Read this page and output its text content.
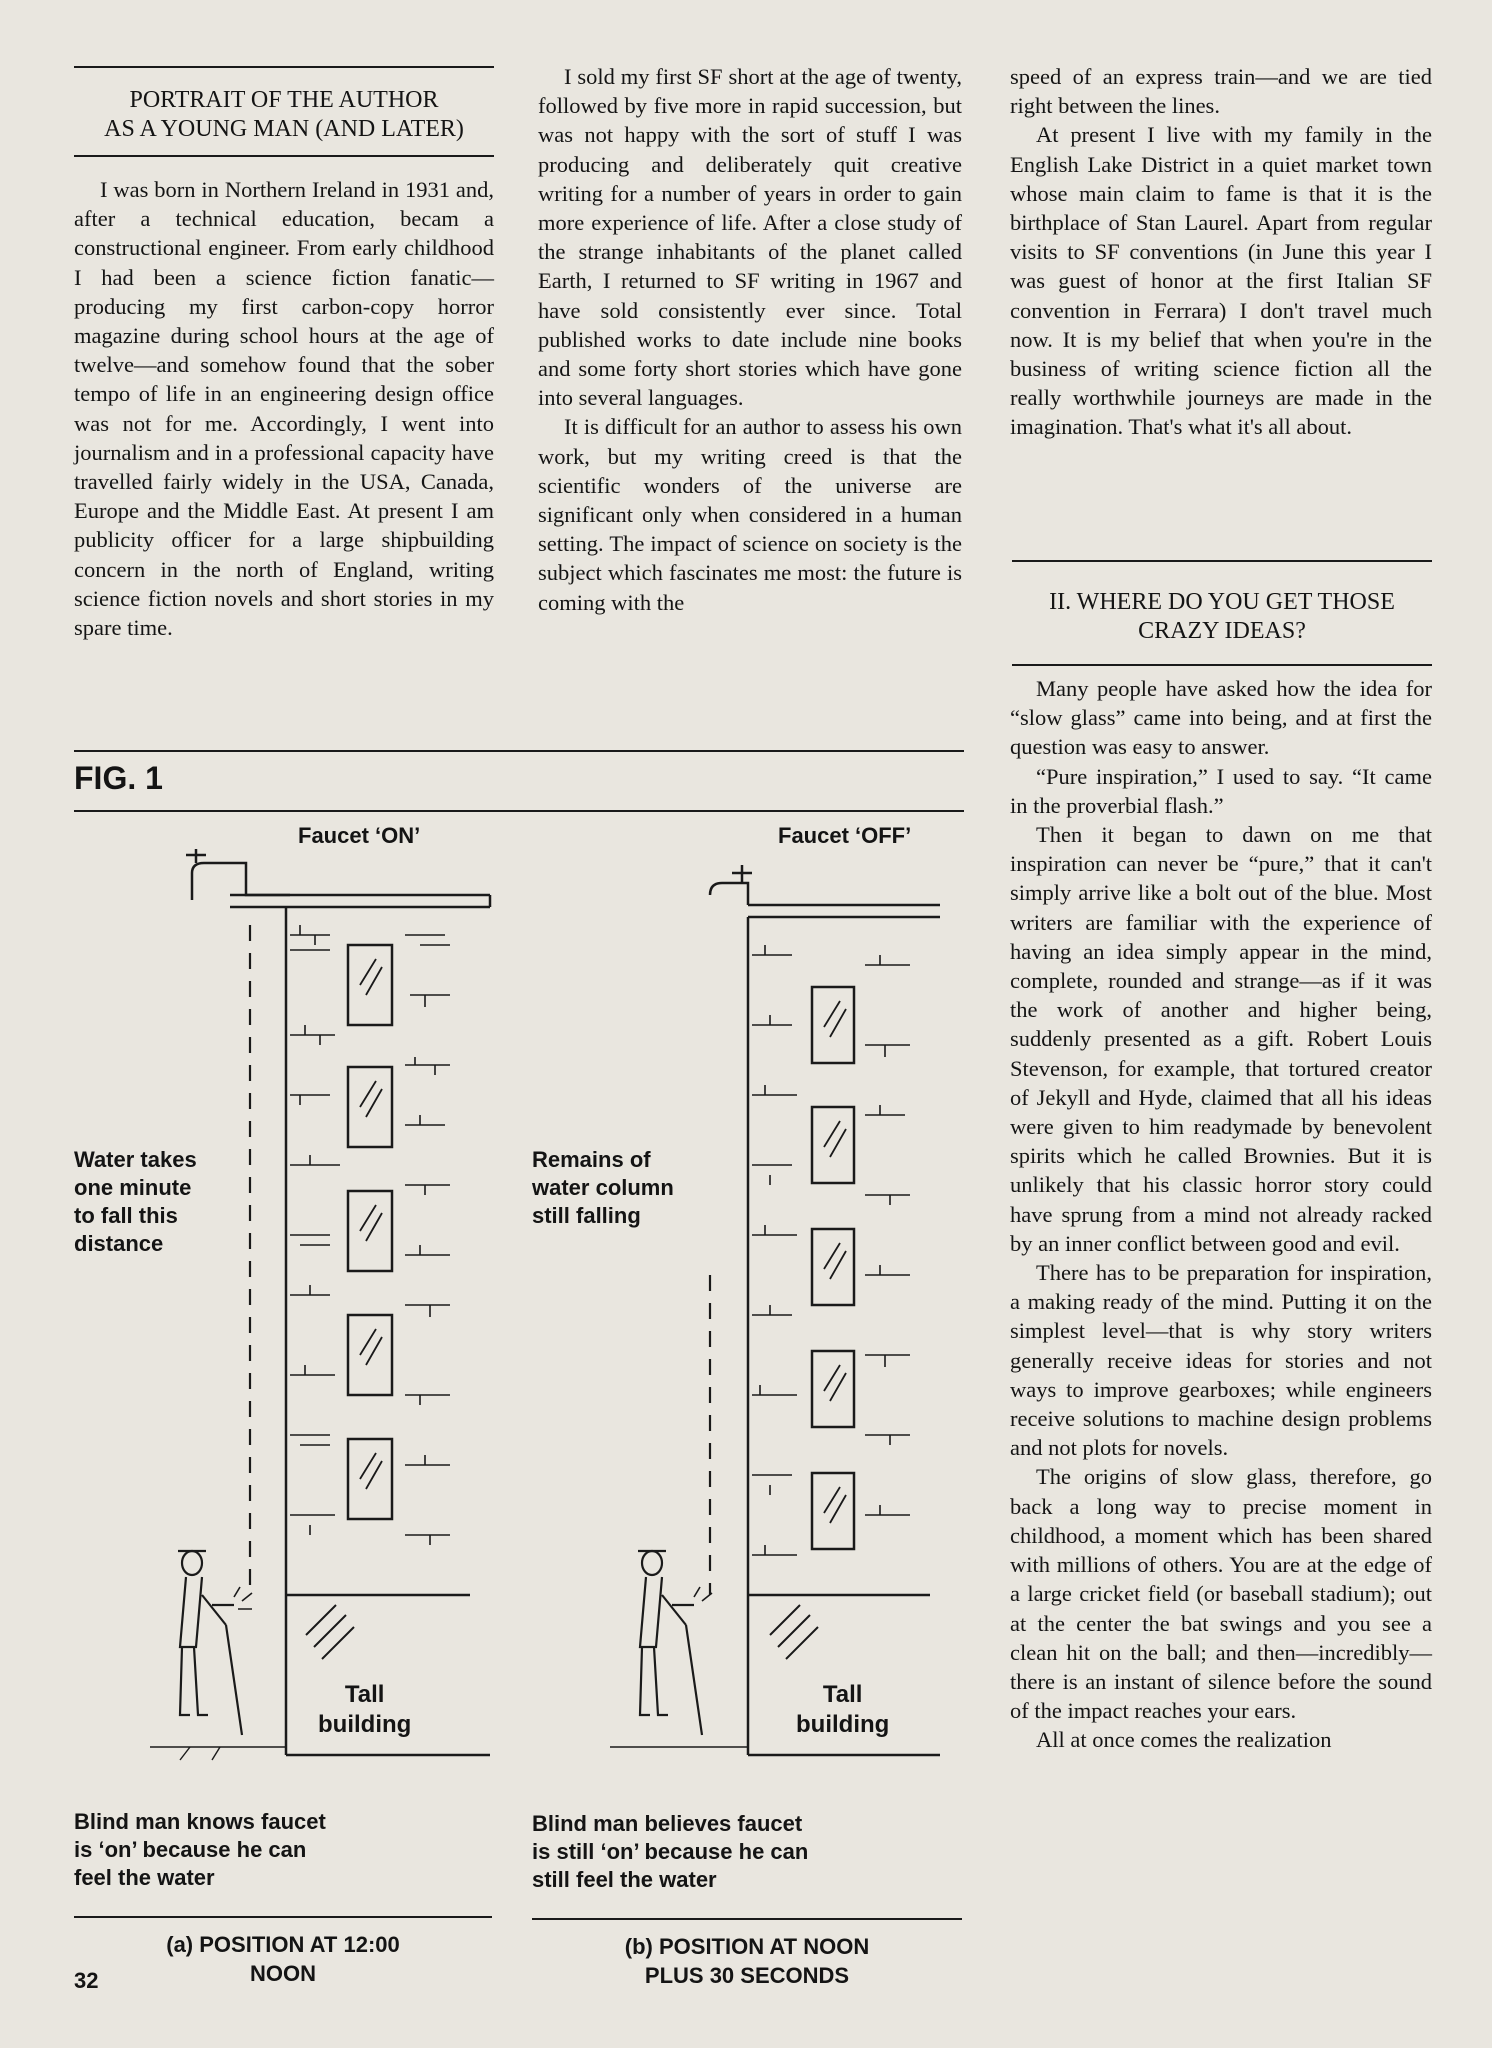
PORTRAIT OF THE AUTHOR
AS A YOUNG MAN (AND LATER)

I was born in Northern Ireland in 1931 and, after a technical education, becam a constructional engineer. From early childhood I had been a science fiction fanatic—producing my first carbon-copy horror magazine during school hours at the age of twelve—and somehow found that the sober tempo of life in an engineering design office was not for me. Accordingly, I went into journalism and in a professional capacity have travelled fairly widely in the USA, Canada, Europe and the Middle East. At present I am publicity officer for a large shipbuilding concern in the north of England, writing science fiction novels and short stories in my spare time.

I sold my first SF short at the age of twenty, followed by five more in rapid succession, but was not happy with the sort of stuff I was producing and deliberately quit creative writing for a number of years in order to gain more experience of life. After a close study of the strange inhabitants of the planet called Earth, I returned to SF writing in 1967 and have sold consistently ever since. Total published works to date include nine books and some forty short stories which have gone into several languages.

It is difficult for an author to assess his own work, but my writing creed is that the scientific wonders of the universe are significant only when considered in a human setting. The impact of science on society is the subject which fascinates me most: the future is coming with the

speed of an express train—and we are tied right between the lines.

At present I live with my family in the English Lake District in a quiet market town whose main claim to fame is that it is the birthplace of Stan Laurel. Apart from regular visits to SF conventions (in June this year I was guest of honor at the first Italian SF convention in Ferrara) I don't travel much now. It is my belief that when you're in the business of writing science fiction all the really worthwhile journeys are made in the imagination. That's what it's all about.

II. WHERE DO YOU GET THOSE
CRAZY IDEAS?

Many people have asked how the idea for “slow glass” came into being, and at first the question was easy to answer.

“Pure inspiration,” I used to say. “It came in the proverbial flash.”

Then it began to dawn on me that inspiration can never be “pure,” that it can't simply arrive like a bolt out of the blue. Most writers are familiar with the experience of having an idea simply appear in the mind, complete, rounded and strange—as if it was the work of another and higher being, suddenly presented as a gift. Robert Louis Stevenson, for example, that tortured creator of Jekyll and Hyde, claimed that all his ideas were given to him readymade by benevolent spirits which he called Brownies. But it is unlikely that his classic horror story could have sprung from a mind not already racked by an inner conflict between good and evil.

There has to be preparation for inspiration, a making ready of the mind. Putting it on the simplest level—that is why story writers generally receive ideas for stories and not ways to improve gearboxes; while engineers receive solutions to machine design problems and not plots for novels.

The origins of slow glass, therefore, go back a long way to precise moment in childhood, a moment which has been shared with millions of others. You are at the edge of a large cricket field (or baseball stadium); out at the center the bat swings and you see a clean hit on the ball; and then—incredibly—there is an instant of silence before the sound of the impact reaches your ears.

All at once comes the realization

FIG. 1
Faucet ‘ON’
Water takes
one minute
to fall this
distance
Tall
building
Blind man knows faucet
is ‘on’ because he can
feel the water
(a) POSITION AT 12:00
NOON
Faucet ‘OFF’
Remains of
water column
still falling
Tall
building
Blind man believes faucet
is still ‘on’ because he can
still feel the water
(b) POSITION AT NOON
PLUS 30 SECONDS
32
